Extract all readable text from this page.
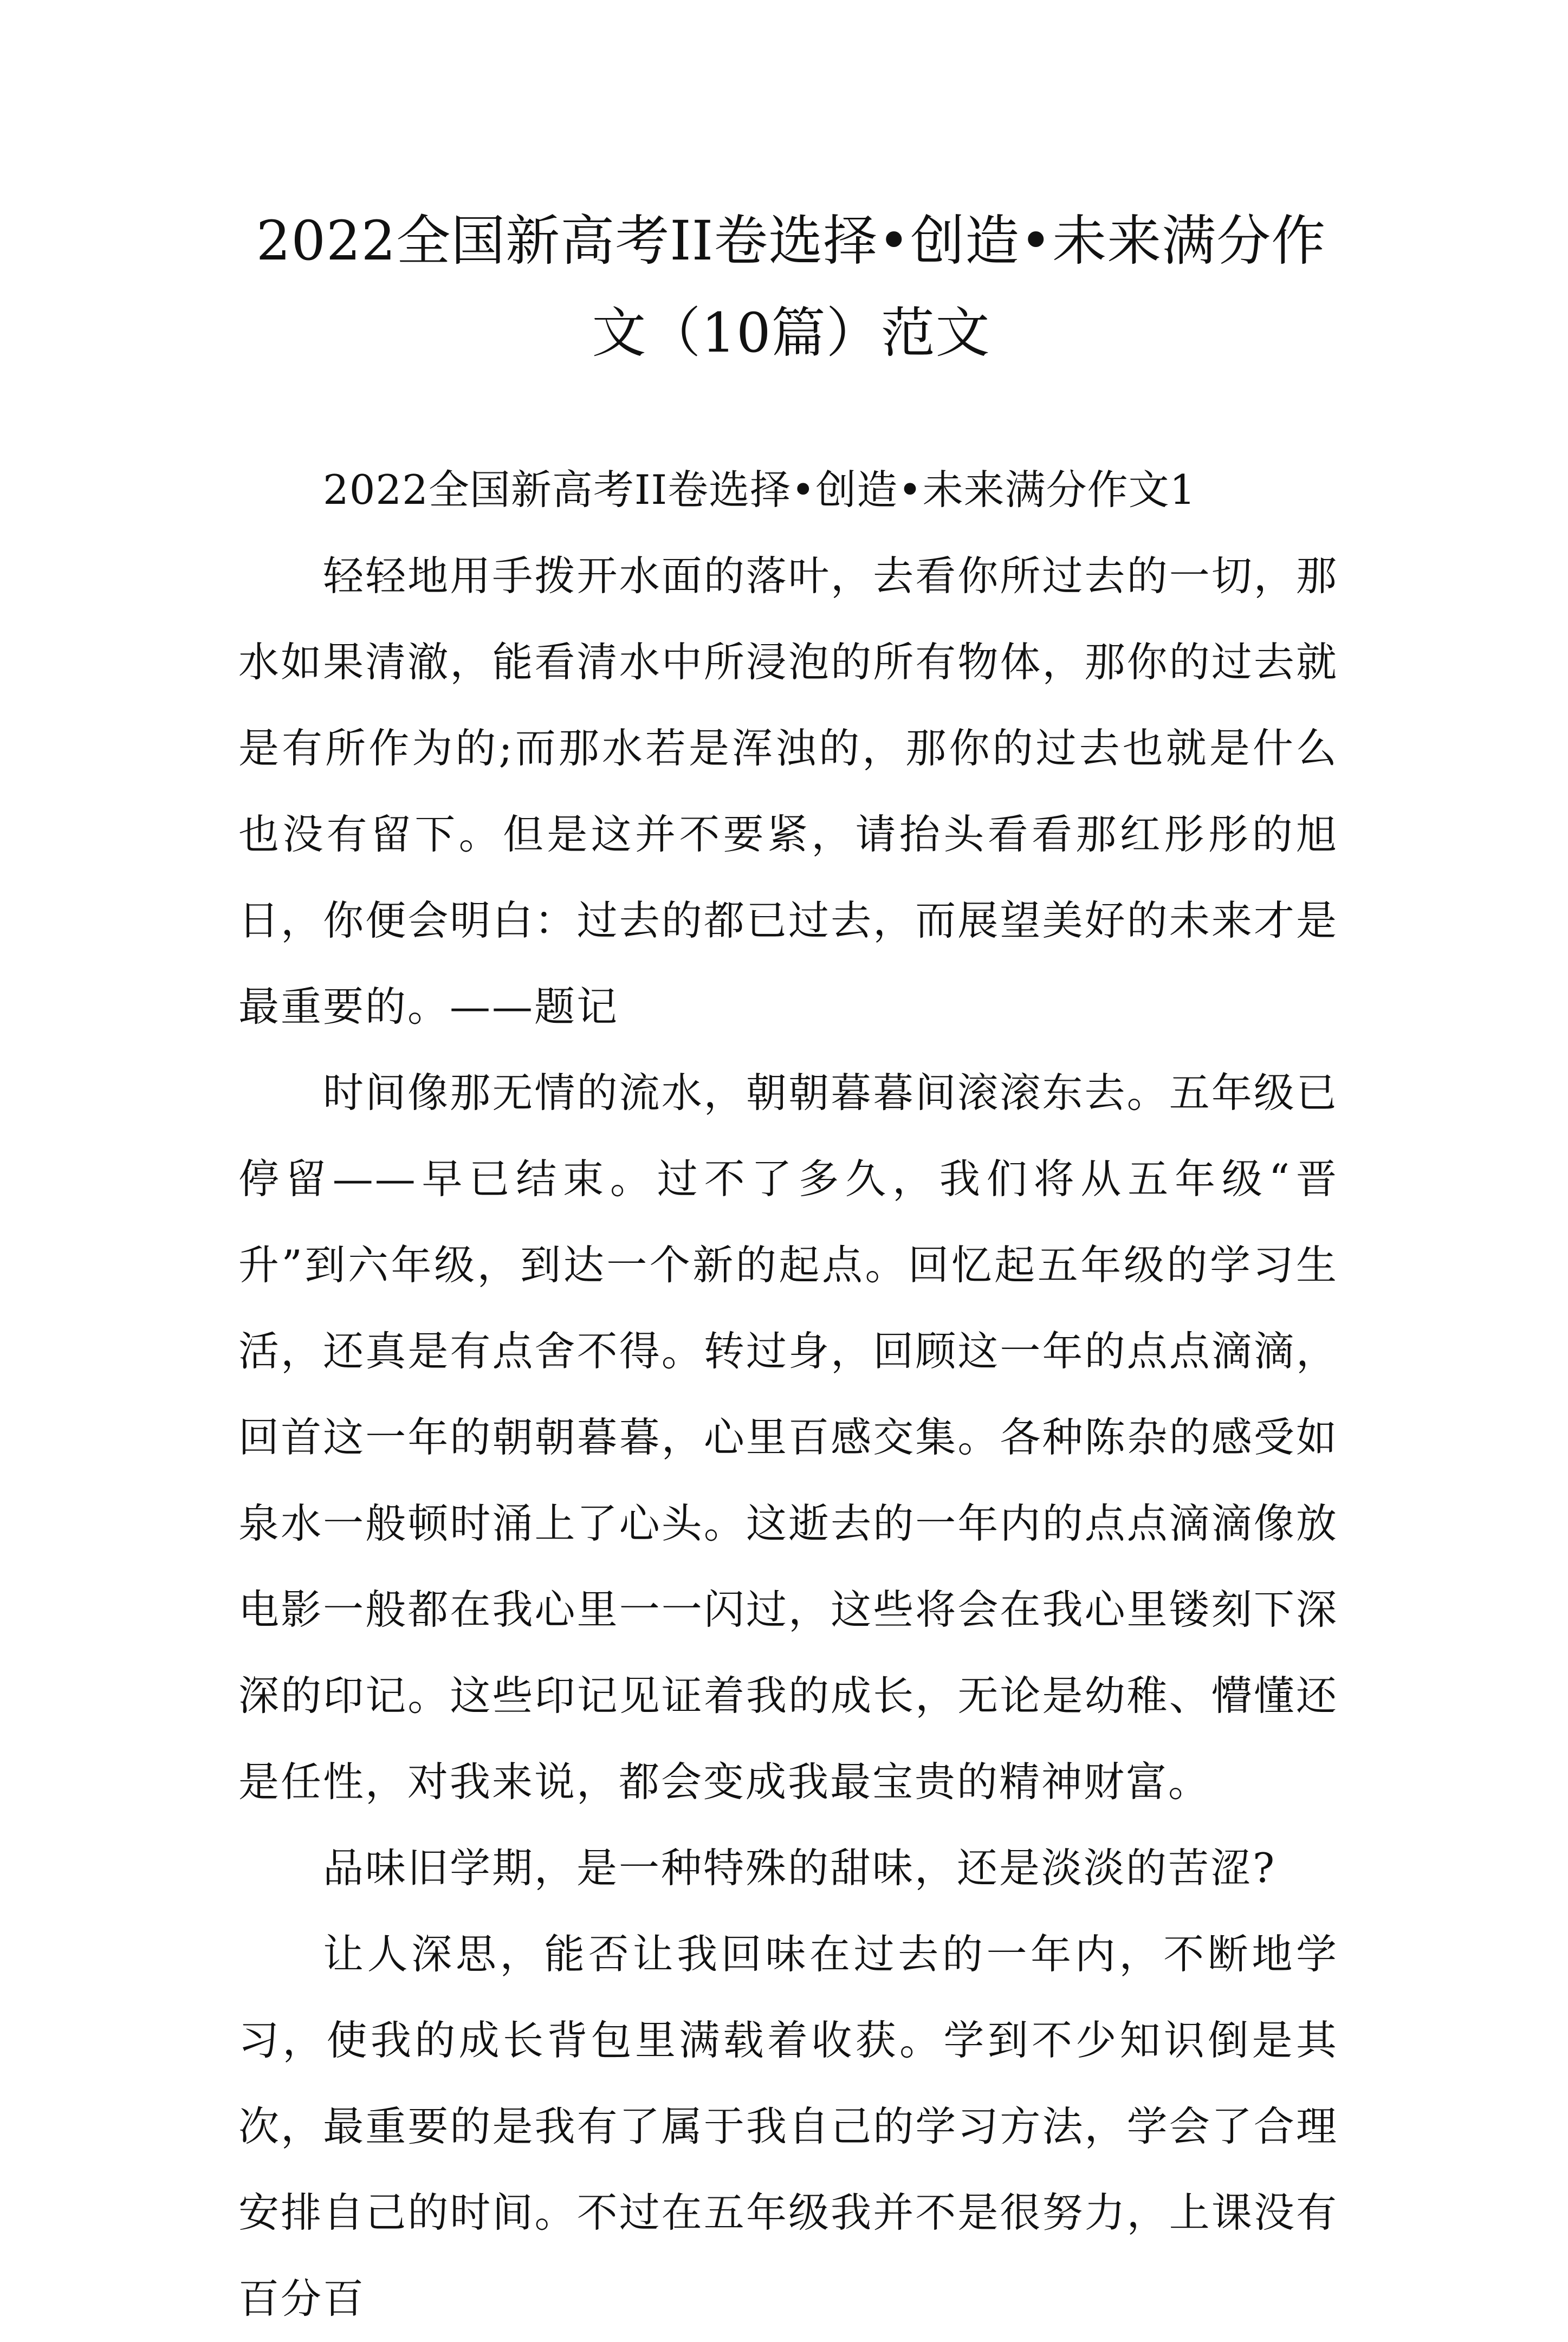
2022全国新高考II卷选择•创造•未来满分作文（10篇）范文

2022全国新高考II卷选择•创造•未来满分作文1

轻轻地用手拨开水面的落叶，去看你所过去的一切，那水如果清澈，能看清水中所浸泡的所有物体，那你的过去就是有所作为的;而那水若是浑浊的，那你的过去也就是什么也没有留下。但是这并不要紧，请抬头看看那红彤彤的旭日，你便会明白：过去的都已过去，而展望美好的未来才是最重要的。——题记

时间像那无情的流水，朝朝暮暮间滚滚东去。五年级已停留——早已结束。过不了多久，我们将从五年级“晋升”到六年级，到达一个新的起点。回忆起五年级的学习生活，还真是有点舍不得。转过身，回顾这一年的点点滴滴，回首这一年的朝朝暮暮，心里百感交集。各种陈杂的感受如泉水一般顿时涌上了心头。这逝去的一年内的点点滴滴像放电影一般都在我心里一一闪过，这些将会在我心里镂刻下深深的印记。这些印记见证着我的成长，无论是幼稚、懵懂还是任性，对我来说，都会变成我最宝贵的精神财富。

品味旧学期，是一种特殊的甜味，还是淡淡的苦涩?

让人深思，能否让我回味在过去的一年内，不断地学习，使我的成长背包里满载着收获。学到不少知识倒是其次，最重要的是我有了属于我自己的学习方法，学会了合理安排自己的时间。不过在五年级我并不是很努力，上课没有百分百
